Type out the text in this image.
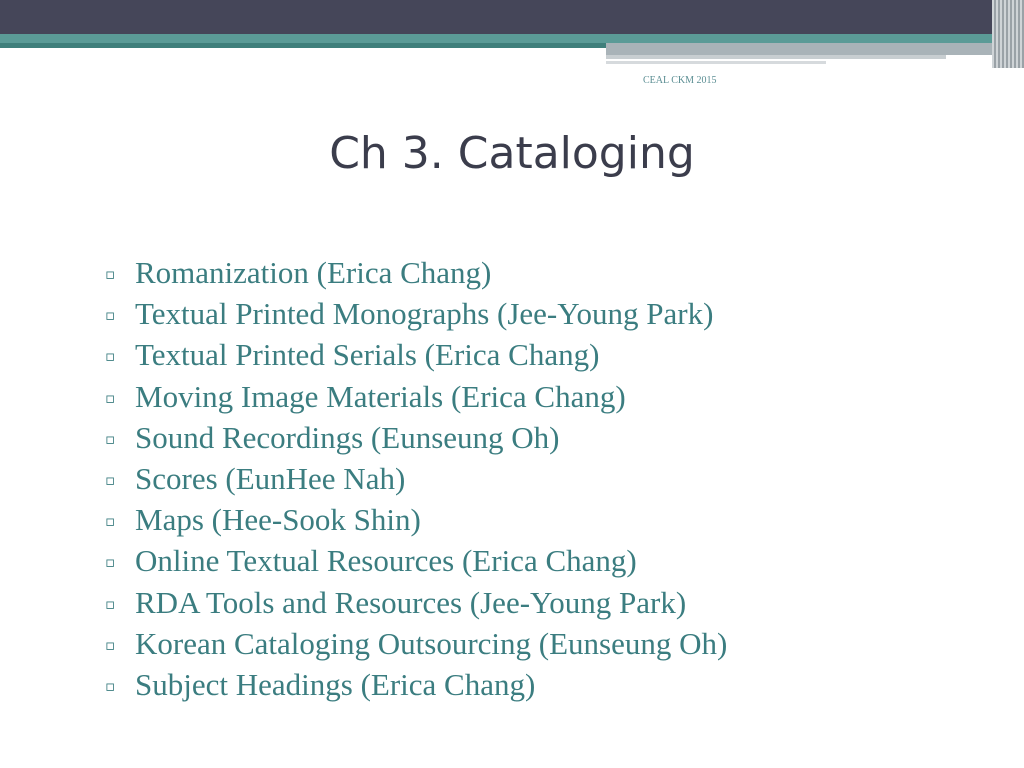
CEAL CKM 2015
Ch 3. Cataloging
▫ Romanization (Erica Chang)
▫ Textual Printed Monographs (Jee-Young Park)
▫ Textual Printed Serials (Erica Chang)
▫ Moving Image Materials (Erica Chang)
▫ Sound Recordings (Eunseung Oh)
▫ Scores (EunHee Nah)
▫ Maps (Hee-Sook Shin)
▫ Online Textual Resources (Erica Chang)
▫ RDA Tools and Resources (Jee-Young Park)
▫ Korean Cataloging Outsourcing (Eunseung Oh)
▫ Subject Headings (Erica Chang)
